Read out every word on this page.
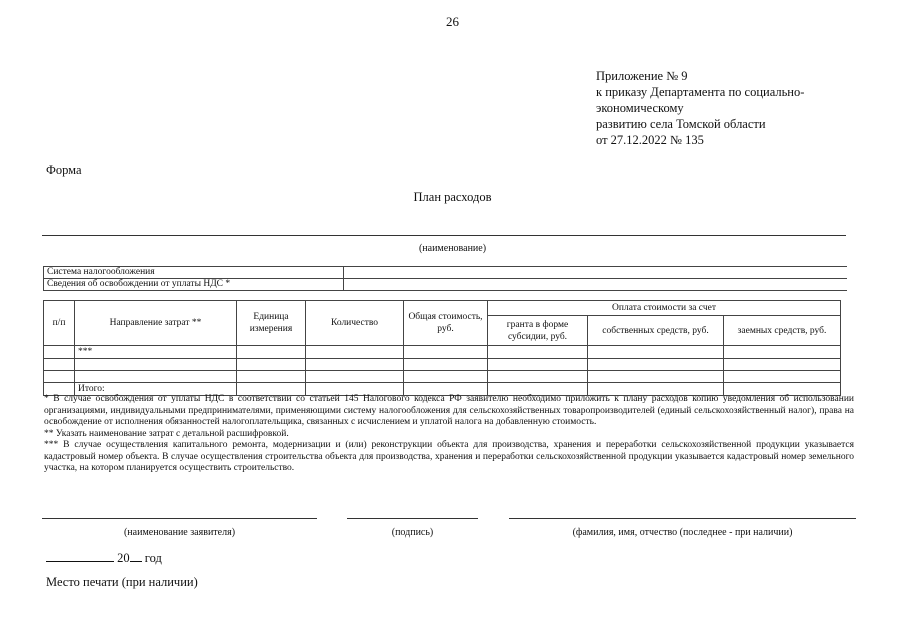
26
Приложение № 9
к приказу Департамента по социально-
экономическому
развитию села Томской области
от 27.12.2022 № 135
Форма
План расходов
(наименование)
Система налогообложения	
Сведения об освобождении от уплаты НДС *	
п/п	Направление затрат **	Единица измерения	Количество	Общая стоимость, руб.	Оплата стоимости за счет		
					гранта в форме субсидии, руб.	собственных средств, руб.	заемных средств, руб.
	***						

	Итого:						

* В случае освобождения от уплаты НДС в соответствии со статьей 145 Налогового кодекса РФ заявителю необходимо приложить к плану расходов копию уведомления об использовании организациями, индивидуальными предпринимателями, применяющими систему налогообложения для сельскохозяйственных товаропроизводителей (единый сельскохозяйственный налог), права на освобождение от исполнения обязанностей налогоплательщика, связанных с исчислением и уплатой налога на добавленную стоимость.

** Указать наименование затрат с детальной расшифровкой.

*** В случае осуществления капитального ремонта, модернизации и (или) реконструкции объекта для производства, хранения и переработки сельскохозяйственной продукции указывается кадастровый номер объекта. В случае осуществления строительства объекта для производства, хранения и переработки сельскохозяйственной продукции указывается кадастровый номер земельного участка, на котором планируется осуществить строительство.

(наименование заявителя)	(подпись)	(фамилия, имя, отчество (последнее - при наличии)
20 год
Место печати (при наличии)
